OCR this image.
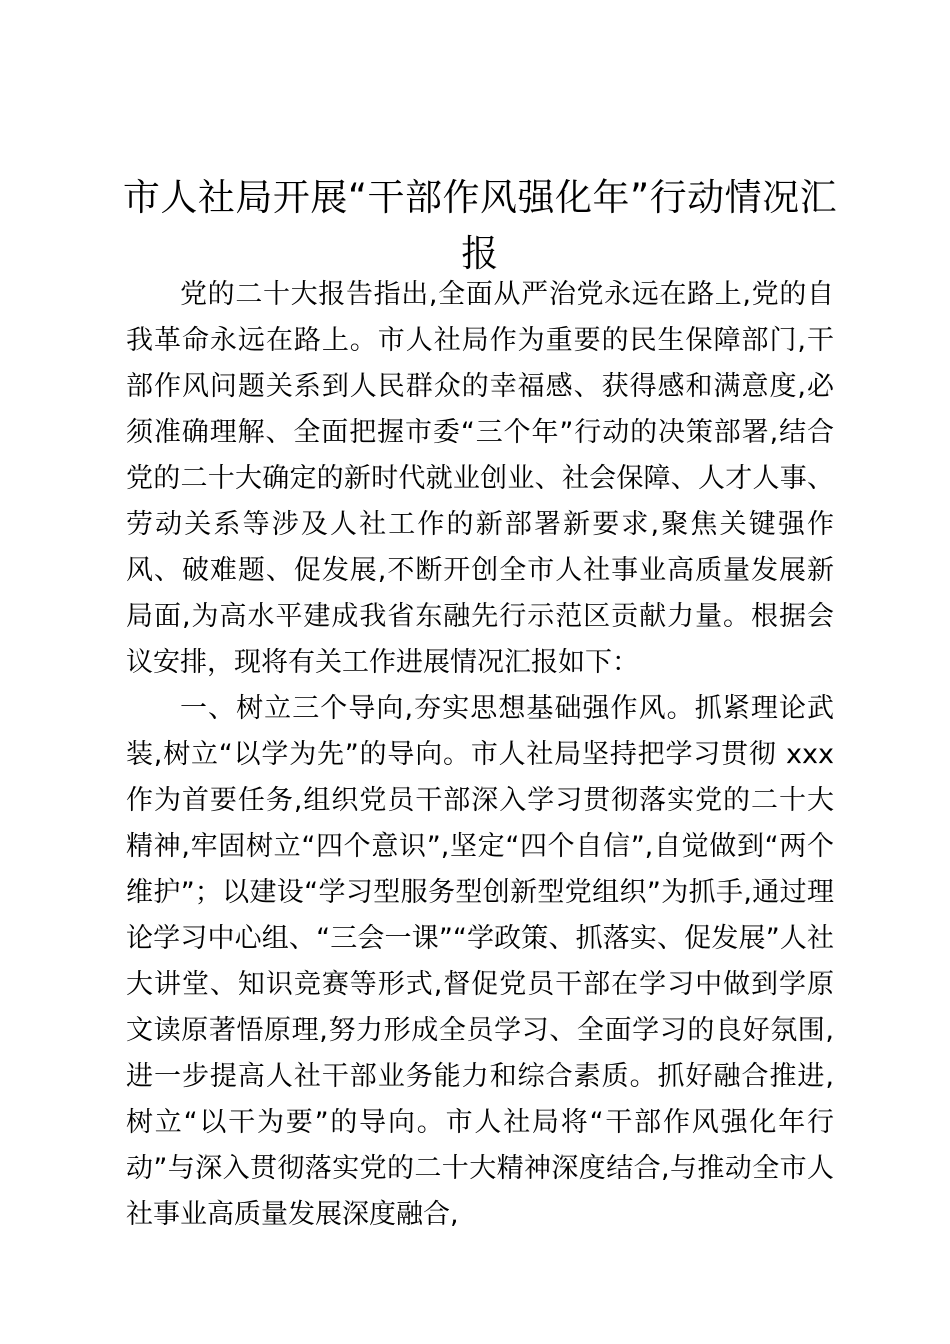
市人社局开展“干部作风强化年”行动情况汇报

党的二十大报告指出,全面从严治党永远在路上,党的自我革命永远在路上。市人社局作为重要的民生保障部门,干部作风问题关系到人民群众的幸福感、获得感和满意度,必须准确理解、全面把握市委“三个年”行动的决策部署,结合党的二十大确定的新时代就业创业、社会保障、人才人事、劳动关系等涉及人社工作的新部署新要求,聚焦关键强作风、破难题、促发展,不断开创全市人社事业高质量发展新局面,为高水平建成我省东融先行示范区贡献力量。根据会议安排，现将有关工作进展情况汇报如下：

一、树立三个导向,夯实思想基础强作风。抓紧理论武装,树立“以学为先”的导向。市人社局坚持把学习贯彻 xxx 作为首要任务,组织党员干部深入学习贯彻落实党的二十大精神,牢固树立“四个意识”,坚定“四个自信”,自觉做到“两个维护”；以建设“学习型服务型创新型党组织”为抓手,通过理论学习中心组、“三会一课”“学政策、抓落实、促发展”人社大讲堂、知识竞赛等形式,督促党员干部在学习中做到学原文读原著悟原理,努力形成全员学习、全面学习的良好氛围,进一步提高人社干部业务能力和综合素质。抓好融合推进,树立“以干为要”的导向。市人社局将“干部作风强化年行动”与深入贯彻落实党的二十大精神深度结合,与推动全市人社事业高质量发展深度融合,
